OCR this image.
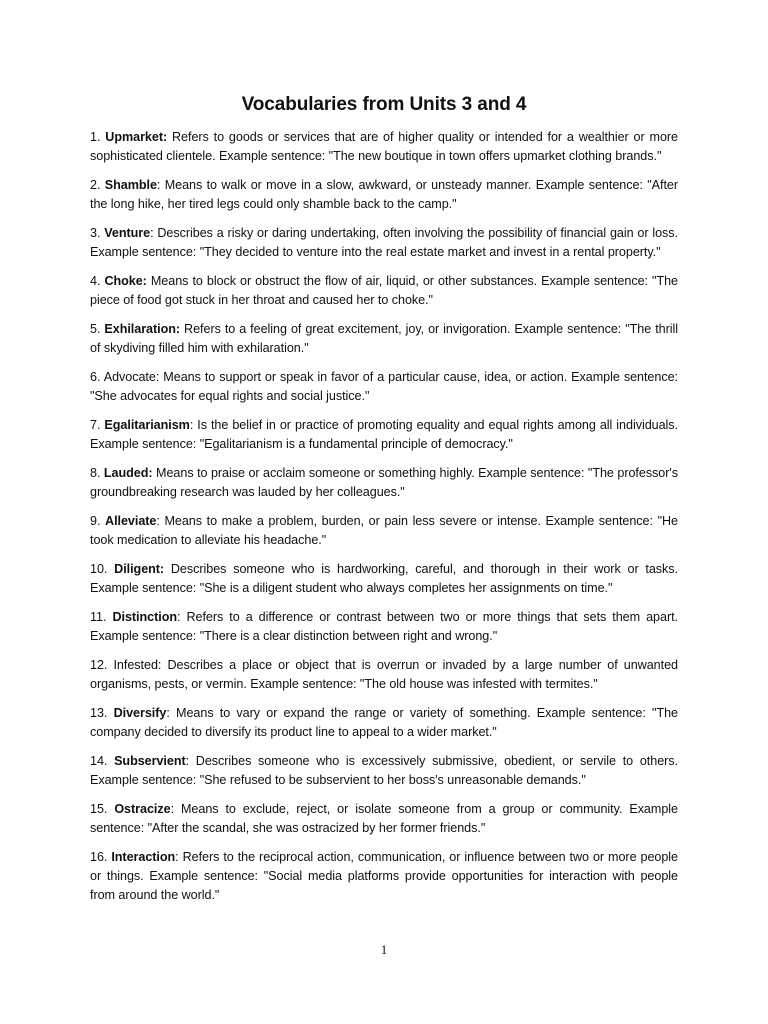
Vocabularies from Units 3 and 4

1. Upmarket: Refers to goods or services that are of higher quality or intended for a wealthier or more sophisticated clientele. Example sentence: "The new boutique in town offers upmarket clothing brands."

2. Shamble: Means to walk or move in a slow, awkward, or unsteady manner. Example sentence: "After the long hike, her tired legs could only shamble back to the camp."

3. Venture: Describes a risky or daring undertaking, often involving the possibility of financial gain or loss. Example sentence: "They decided to venture into the real estate market and invest in a rental property."

4. Choke: Means to block or obstruct the flow of air, liquid, or other substances. Example sentence: "The piece of food got stuck in her throat and caused her to choke."

5. Exhilaration: Refers to a feeling of great excitement, joy, or invigoration. Example sentence: "The thrill of skydiving filled him with exhilaration."

6. Advocate: Means to support or speak in favor of a particular cause, idea, or action. Example sentence: "She advocates for equal rights and social justice."

7. Egalitarianism: Is the belief in or practice of promoting equality and equal rights among all individuals. Example sentence: "Egalitarianism is a fundamental principle of democracy."

8. Lauded: Means to praise or acclaim someone or something highly. Example sentence: "The professor's groundbreaking research was lauded by her colleagues."

9. Alleviate: Means to make a problem, burden, or pain less severe or intense. Example sentence: "He took medication to alleviate his headache."

10. Diligent: Describes someone who is hardworking, careful, and thorough in their work or tasks. Example sentence: "She is a diligent student who always completes her assignments on time."

11. Distinction: Refers to a difference or contrast between two or more things that sets them apart. Example sentence: "There is a clear distinction between right and wrong."

12. Infested: Describes a place or object that is overrun or invaded by a large number of unwanted organisms, pests, or vermin. Example sentence: "The old house was infested with termites."

13. Diversify: Means to vary or expand the range or variety of something. Example sentence: "The company decided to diversify its product line to appeal to a wider market."

14. Subservient: Describes someone who is excessively submissive, obedient, or servile to others. Example sentence: "She refused to be subservient to her boss's unreasonable demands."

15. Ostracize: Means to exclude, reject, or isolate someone from a group or community. Example sentence: "After the scandal, she was ostracized by her former friends."

16. Interaction: Refers to the reciprocal action, communication, or influence between two or more people or things. Example sentence: "Social media platforms provide opportunities for interaction with people from around the world."

1
